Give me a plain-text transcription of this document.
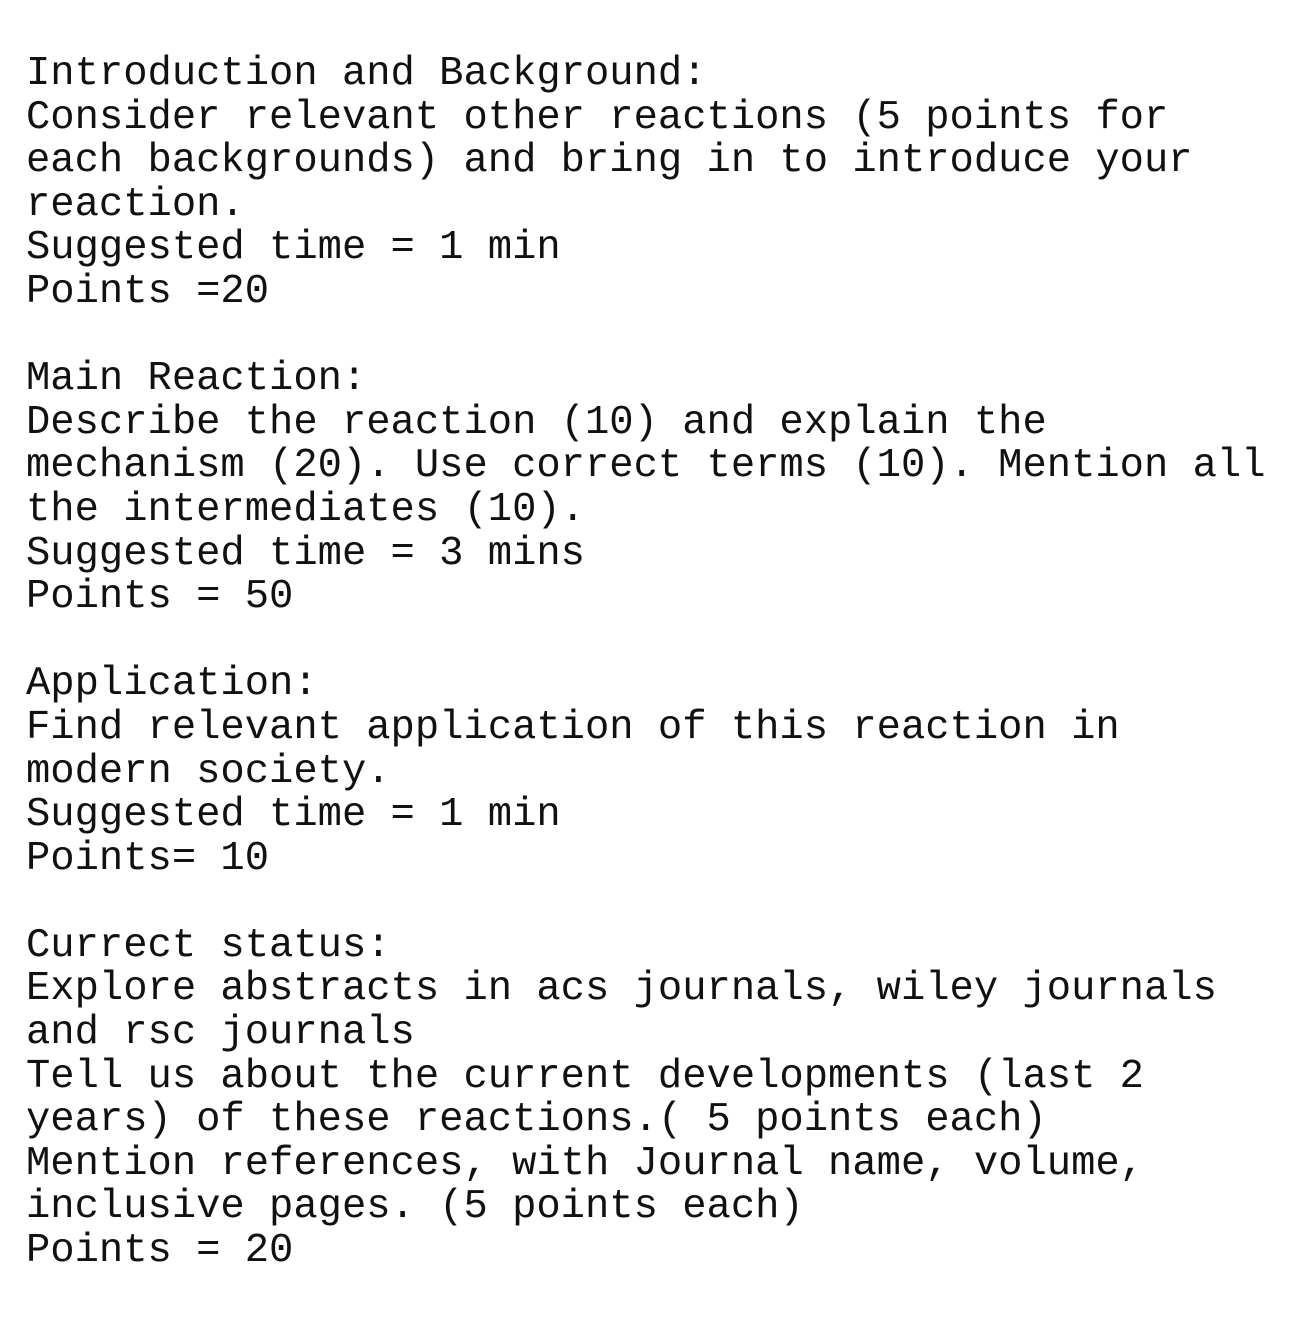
Introduction and Background:
Consider relevant other reactions (5 points for
each backgrounds) and bring in to introduce your
reaction.
Suggested time = 1 min
Points =20
Main Reaction:
Describe the reaction (10) and explain the
mechanism (20). Use correct terms (10). Mention all
the intermediates (10).
Suggested time = 3 mins
Points = 50
Application:
Find relevant application of this reaction in
modern society.
Suggested time = 1 min
Points= 10
Currect status:
Explore abstracts in acs journals, wiley journals
and rsc journals
Tell us about the current developments (last 2
years) of these reactions.( 5 points each)
Mention references, with Journal name, volume,
inclusive pages. (5 points each)
Points = 20
